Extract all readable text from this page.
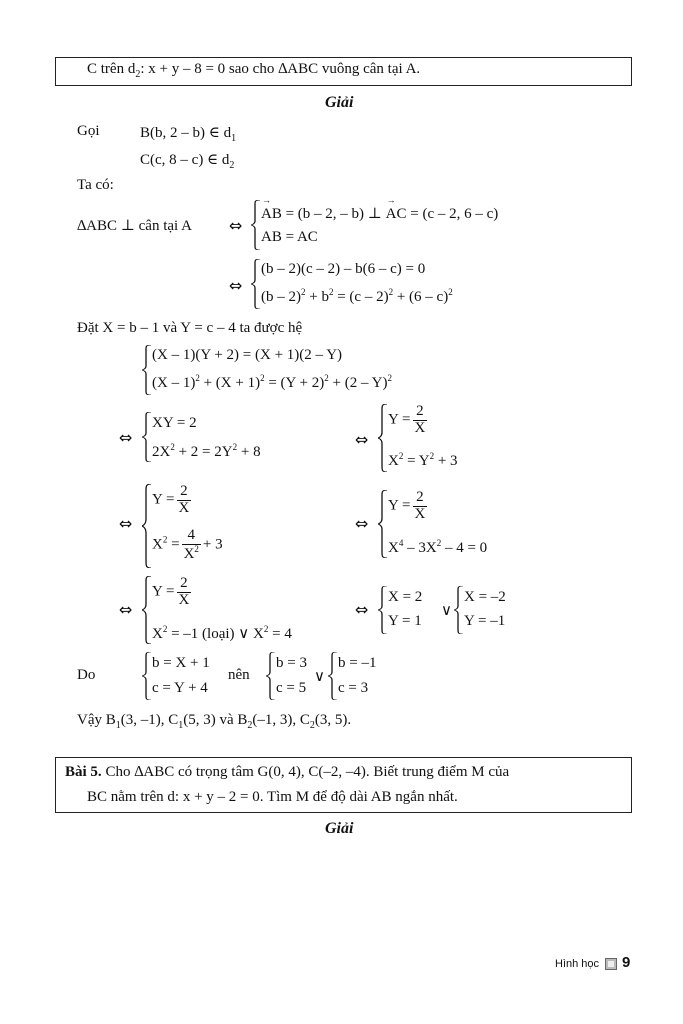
C trên $d_2$: x + y – 8 = 0 sao cho ∆ABC vuông cân tại A.
Giải
Gọi	B(b, 2 – b) ∈ $d_1$
C(c, 8 – c) ∈ $d_2$
Ta có:
∆ABC ⊥ cân tại A ⇔
→ AB = (b – 2, – b) ⊥ → AC = (c – 2, 6 – c)
AB = AC
⇔
(b – 2)(c – 2) – b(6 – c) = 0
$(b - 2)^2 + b^2 = (c - 2)^2 + (6 - c)^2$
Đặt X = b – 1 và Y = c – 4 ta được hệ
(X – 1)(Y + 2) = (X + 1)(2 – Y)
$(X - 1)^2 + (X + 1)^2 = (Y + 2)^2 + (2 - Y)^2$
⇔
XY = 2
$2X^2 + 2 = 2Y^2 + 8$
⇔
$Y = \frac{2}{X}$
$X^2 = Y^2 + 3$
⇔
$Y = \frac{2}{X}$
$X^2 = \frac{4}{X^2} + 3$
⇔
$Y = \frac{2}{X}$
$X^4 - 3X^2 - 4 = 0$
⇔
$Y = \frac{2}{X}$
$X^2 = -1$ (loại) ∨ $X^2 = 4$
⇔
X = 2
Y = 1
∨
X = –2
Y = –1
Do
b = X + 1
c = Y + 4
nên
b = 3
c = 5
∨
b = –1
c = 3
Vậy $B_1(3$, –1), $C_1(5$, 3) và $B_2(-1$, 3), $C_2(3$, 5).
Bài 5. Cho ∆ABC có trọng tâm G(0, 4), C(–2, –4). Biết trung điểm M của
BC nằm trên d: x + y – 2 = 0. Tìm M để độ dài AB ngắn nhất.
Giải
Hình học 9
